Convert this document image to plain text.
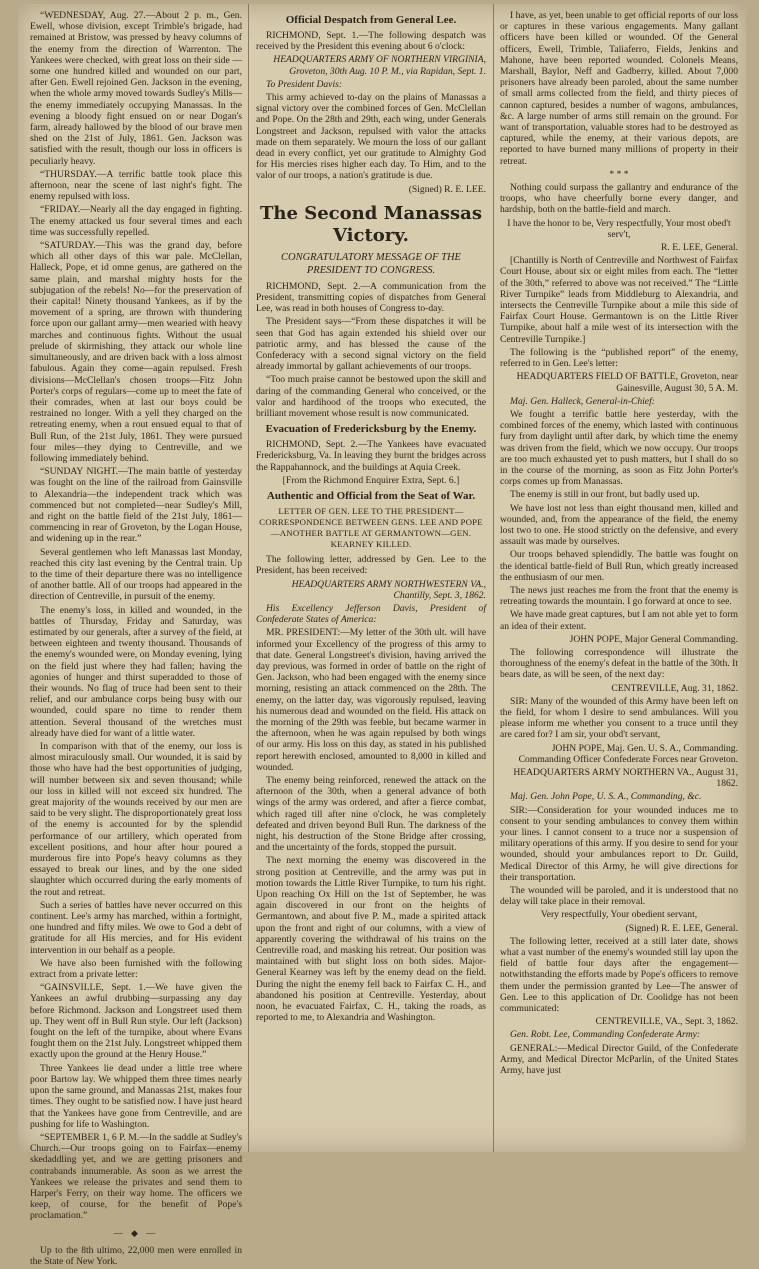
“WEDNESDAY, Aug. 27.—About 2 p. m., Gen. Ewell, whose division, except Trimble's brigade, had remained at Bristow, was pressed by heavy columns of the enemy from the direction of Warrenton. The Yankees were checked, with great loss on their side —some one hundred killed and wounded on our part, after Gen. Ewell rejoined Gen. Jackson in the evening, when the whole army moved towards Sudley's Mills—the enemy immediately occupying Manassas. In the evening a bloody fight ensued on or near Dogan's farm, already hallowed by the blood of our brave men shed on the 21st of July, 1861. Gen. Jackson was satisfied with the result, though our loss in officers is peculiarly heavy.

“THURSDAY.—A terrific battle took place this afternoon, near the scene of last night's fight. The enemy repulsed with loss.

“FRIDAY.—Nearly all the day engaged in fighting. The enemy attacked us four several times and each time was successfully repelled.

“SATURDAY.—This was the grand day, before which all other days of this war pale. McClellan, Halleck, Pope, et id omne genus, are gathered on the same plain, and marshal mighty hosts for the subjugation of the rebels! No—for the preservation of their capital! Ninety thousand Yankees, as if by the movement of a spring, are thrown with thundering force upon our gallant army—men wearied with heavy marches and continuous fights. Without the usual prelude of skirmishing, they attack our whole line simultaneously, and are driven back with a loss almost fabulous. Again they come—again repulsed. Fresh divisions—McClellan's chosen troops—Fitz John Porter's corps of regulars—come up to meet the fate of their comrades, when at last our boys could be restrained no longer. With a yell they charged on the retreating enemy, when a rout ensued equal to that of Bull Run, of the 21st July, 1861. They were pursued four miles—they dying to Centreville, and we following immediately behind.

“SUNDAY NIGHT.—The main battle of yesterday was fought on the line of the railroad from Gainsville to Alexandria—the independent track which was commenced but not completed—near Sudley's Mill, and right on the battle field of the 21st July, 1861—commencing in rear of Groveton, by the Logan House, and widening up in the rear.”

Several gentlemen who left Manassas last Monday, reached this city last evening by the Central train. Up to the time of their departure there was no intelligence of another battle. All of our troops had appeared in the direction of Centreville, in pursuit of the enemy.

The enemy's loss, in killed and wounded, in the battles of Thursday, Friday and Saturday, was estimated by our generals, after a survey of the field, at between eighteen and twenty thousand. Thousands of the enemy's wounded were, on Monday evening, lying on the field just where they had fallen; having the agonies of hunger and thirst superadded to those of their wounds. No flag of truce had been sent to their relief, and our ambulance corps being busy with our wounded, could spare no time to render them attention. Several thousand of the wretches must already have died for want of a little water.

In comparison with that of the enemy, our loss is almost miraculously small. Our wounded, it is said by those who have had the best opportunities of judging, will number between six and seven thousand; while our loss in killed will not exceed six hundred. The great majority of the wounds received by our men are said to be very slight. The disproportionately great loss of the enemy is accounted for by the splendid performance of our artillery, which operated from excellent positions, and hour after hour poured a murderous fire into Pope's heavy columns as they essayed to break our lines, and by the one sided slaughter which occurred during the early moments of the rout and retreat.

Such a series of battles have never occurred on this continent. Lee's army has marched, within a fortnight, one hundred and fifty miles. We owe to God a debt of gratitude for all His mercies, and for His evident intervention in our behalf as a people.

We have also been furnished with the following extract from a private letter:

“GAINSVILLE, Sept. 1.—We have given the Yankees an awful drubbing—surpassing any day before Richmond. Jackson and Longstreet used them up. They went off in Bull Run style. Our left (Jackson) fought on the left of the turnpike, about where Evans fought them on the 21st July. Longstreet whipped them exactly upon the ground at the Henry House.”

Three Yankees lie dead under a little tree where poor Bartow lay. We whipped them three times nearly upon the same ground, and Manassas 21st, makes four times. They ought to be satisfied now. I have just heard that the Yankees have gone from Centreville, and are pushing for life to Washington.

“SEPTEMBER 1, 6 P. M.—In the saddle at Sudley's Church.—Our troops going on to Fairfax—enemy skedaddling yet, and we are getting prisoners and contrabands innumerable. As soon as we arrest the Yankees we release the privates and send them to Harper's Ferry, on their way home. The officers we keep, of course, for the benefit of Pope's proclamation.”

— ◆ —

Up to the 8th ultimo, 22,000 men were enrolled in the State of New York.

Official Despatch from General Lee.

RICHMOND, Sept. 1.—The following despatch was received by the President this evening about 6 o'clock:

HEADQUARTERS ARMY OF NORTHERN VIRGINIA, Groveton, 30th Aug. 10 P. M., via Rapidan, Sept. 1.

To President Davis:

This army achieved to-day on the plains of Manassas a signal victory over the combined forces of Gen. McClellan and Pope. On the 28th and 29th, each wing, under Generals Longstreet and Jackson, repulsed with valor the attacks made on them separately. We mourn the loss of our gallant dead in every conflict, yet our gratitude to Almighty God for His mercies rises higher each day. To Him, and to the valor of our troops, a nation's gratitude is due.

(Signed) R. E. LEE.

The Second Manassas Victory.
CONGRATULATORY MESSAGE OF THE PRESIDENT TO CONGRESS.

RICHMOND, Sept. 2.—A communication from the President, transmitting copies of dispatches from General Lee, was read in both houses of Congress to-day.

The President says—“From these dispatches it will be seen that God has again extended his shield over our patriotic army, and has blessed the cause of the Confederacy with a second signal victory on the field already immortal by gallant achievements of our troops.

“Too much praise cannot be bestowed upon the skill and daring of the commanding General who conceived, or the valor and hardihood of the troops who executed, the brilliant movement whose result is now communicated.

Evacuation of Fredericksburg by the Enemy.

RICHMOND, Sept. 2.—The Yankees have evacuated Fredericksburg, Va. In leaving they burnt the bridges across the Rappahannock, and the buildings at Aquia Creek.

[From the Richmond Enquirer Extra, Sept. 6.]

Authentic and Official from the Seat of War.
LETTER OF GEN. LEE TO THE PRESIDENT—CORRESPONDENCE BETWEEN GENS. LEE AND POPE—ANOTHER BATTLE AT GERMANTOWN—GEN. KEARNEY KILLED.

The following letter, addressed by Gen. Lee to the President, has been received:

HEADQUARTERS ARMY NORTHWESTERN VA., Chantilly, Sept. 3, 1862.

His Excellency Jefferson Davis, President of Confederate States of America:

MR. PRESIDENT:—My letter of the 30th ult. will have informed your Excellency of the progress of this army to that date. General Longstreet's division, having arrived the day previous, was formed in order of battle on the right of Gen. Jackson, who had been engaged with the enemy since morning, resisting an attack commenced on the 28th. The enemy, on the latter day, was vigorously repulsed, leaving his numerous dead and wounded on the field. His attack on the morning of the 29th was feeble, but became warmer in the afternoon, when he was again repulsed by both wings of our army. His loss on this day, as stated in his published report herewith enclosed, amounted to 8,000 in killed and wounded.

The enemy being reinforced, renewed the attack on the afternoon of the 30th, when a general advance of both wings of the army was ordered, and after a fierce combat, which raged till after nine o'clock, he was completely defeated and driven beyond Bull Run. The darkness of the night, his destruction of the Stone Bridge after crossing, and the uncertainty of the fords, stopped the pursuit.

The next morning the enemy was discovered in the strong position at Centreville, and the army was put in motion towards the Little River Turnpike, to turn his right. Upon reaching Ox Hill on the 1st of September, he was again discovered in our front on the heights of Germantown, and about five P. M., made a spirited attack upon the front and right of our columns, with a view of apparently covering the withdrawal of his trains on the Centreville road, and masking his retreat. Our position was maintained with but slight loss on both sides. Major-General Kearney was left by the enemy dead on the field. During the night the enemy fell back to Fairfax C. H., and abandoned his position at Centreville. Yesterday, about noon, he evacuated Fairfax, C. H., taking the roads, as reported to me, to Alexandria and Washington.

I have, as yet, been unable to get official reports of our loss or captures in these various engagements. Many gallant officers have been killed or wounded. Of the General officers, Ewell, Trimble, Taliaferro, Fields, Jenkins and Mahone, have been reported wounded. Colonels Means, Marshall, Baylor, Neff and Gadberry, killed. About 7,000 prisoners have already been paroled, about the same number of small arms collected from the field, and thirty pieces of cannon captured, besides a number of wagons, ambulances, &c. A large number of arms still remain on the ground. For want of transportation, valuable stores had to be destroyed as captured, while the enemy, at their various depots, are reported to have burned many millions of property in their retreat.

* * *

Nothing could surpass the gallantry and endurance of the troops, who have cheerfully borne every danger, and hardship, both on the battle-field and march.

I have the honor to be, Very respectfully, Your most obed't serv't,

R. E. LEE, General.

[Chantilly is North of Centreville and Northwest of Fairfax Court House, about six or eight miles from each. The “letter of the 30th,” referred to above was not received.” The “Little River Turnpike” leads from Middleburg to Alexandria, and intersects the Centreville Turnpike about a mile this side of Fairfax Court House. Germantown is on the Little River Turnpike, about half a mile west of its intersection with the Centreville Turnpike.]

The following is the “published report” of the enemy, referred to in Gen. Lee's letter:

HEADQUARTERS FIELD OF BATTLE, Groveton, near Gainesville, August 30, 5 A. M.

Maj. Gen. Halleck, General-in-Chief:

We fought a terrific battle here yesterday, with the combined forces of the enemy, which lasted with continuous fury from daylight until after dark, by which time the enemy was driven from the field, which we now occupy. Our troops are too much exhausted yet to push matters, but I shall do so in the course of the morning, as soon as Fitz John Porter's corps comes up from Manassas.

The enemy is still in our front, but badly used up.

We have lost not less than eight thousand men, killed and wounded, and, from the appearance of the field, the enemy lost two to one. He stood strictly on the defensive, and every assault was made by ourselves.

Our troops behaved splendidly. The battle was fought on the identical battle-field of Bull Run, which greatly increased the enthusiasm of our men.

The news just reaches me from the front that the enemy is retreating towards the mountain. I go forward at once to see.

We have made great captures, but I am not able yet to form an idea of their extent.

JOHN POPE, Major General Commanding.

The following correspondence will illustrate the thoroughness of the enemy's defeat in the battle of the 30th. It bears date, as will be seen, of the next day:

CENTREVILLE, Aug. 31, 1862.

SIR: Many of the wounded of this Army have been left on the field, for whom I desire to send ambulances. Will you please inform me whether you consent to a truce until they are cared for? I am sir, your obd't servant,

JOHN POPE, Maj. Gen. U. S. A., Commanding. Commanding Officer Confederate Forces near Groveton.

HEADQUARTERS ARMY NORTHERN VA., August 31, 1862.

Maj. Gen. John Pope, U. S. A., Commanding, &c.

SIR:—Consideration for your wounded induces me to consent to your sending ambulances to convey them within your lines. I cannot consent to a truce nor a suspension of military operations of this army. If you desire to send for your wounded, should your ambulances report to Dr. Guild, Medical Director of this Army, he will give directions for their transportation.

The wounded will be paroled, and it is understood that no delay will take place in their removal.

Very respectfully, Your obedient servant,

(Signed) R. E. LEE, General.

The following letter, received at a still later date, shows what a vast number of the enemy's wounded still lay upon the field of battle four days after the engagement—notwithstanding the efforts made by Pope's officers to remove them under the permission granted by Lee—The answer of Gen. Lee to this application of Dr. Coolidge has not been communicated:

CENTREVILLE, VA., Sept. 3, 1862.

Gen. Robt. Lee, Commanding Confederate Army:

GENERAL:—Medical Director Guild, of the Confederate Army, and Medical Director McParlin, of the United States Army, have just
